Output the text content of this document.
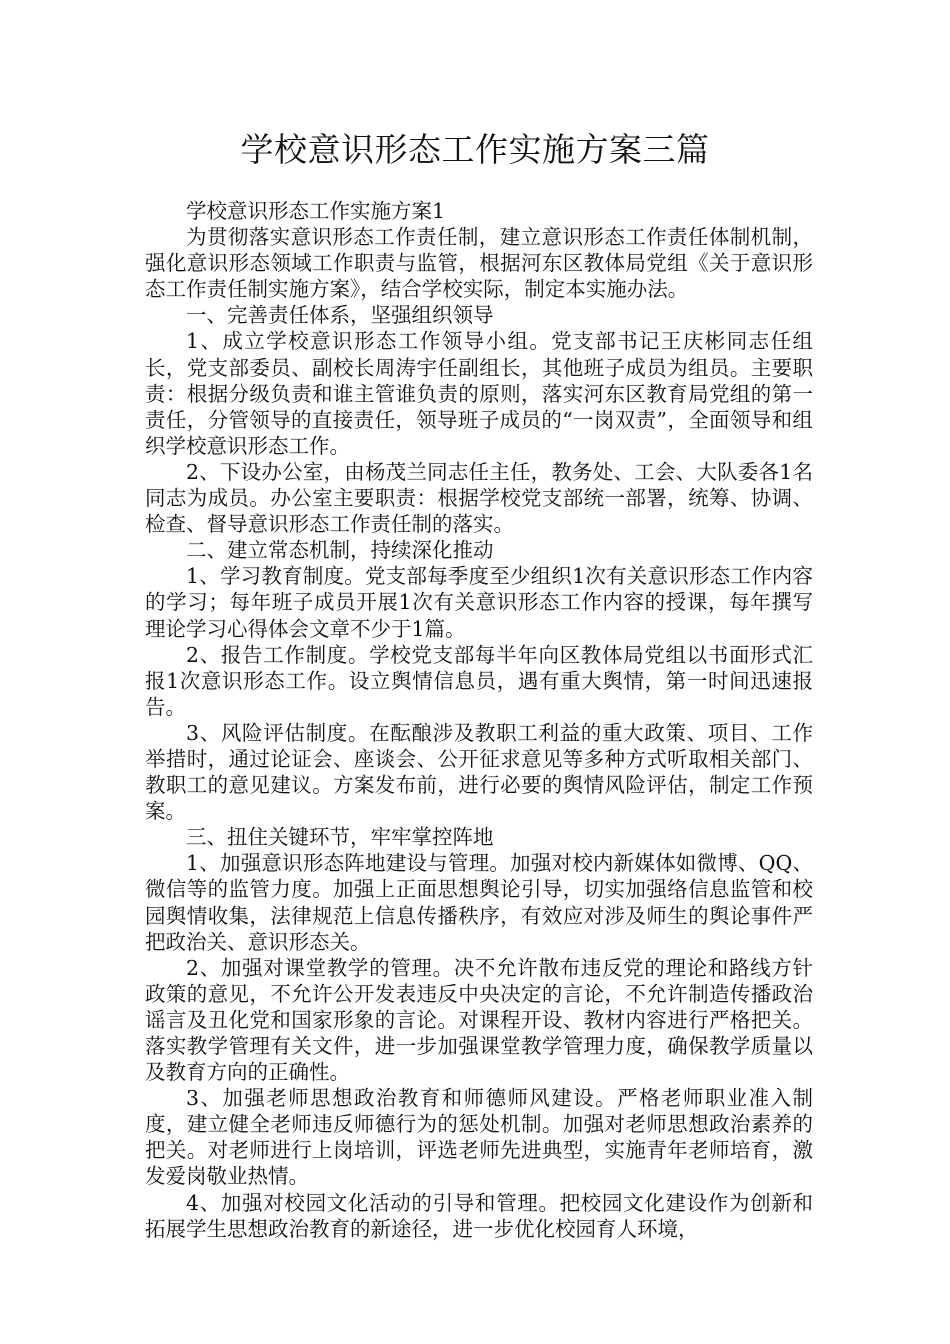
学校意识形态工作实施方案三篇

学校意识形态工作实施方案1

为贯彻落实意识形态工作责任制，建立意识形态工作责任体制机制，强化意识形态领域工作职责与监管，根据河东区教体局党组《关于意识形态工作责任制实施方案》，结合学校实际，制定本实施办法。

一、完善责任体系，坚强组织领导

1、成立学校意识形态工作领导小组。党支部书记王庆彬同志任组长，党支部委员、副校长周涛宇任副组长，其他班子成员为组员。主要职责：根据分级负责和谁主管谁负责的原则，落实河东区教育局党组的第一责任，分管领导的直接责任，领导班子成员的“一岗双责”，全面领导和组织学校意识形态工作。

2、下设办公室，由杨茂兰同志任主任，教务处、工会、大队委各1名同志为成员。办公室主要职责：根据学校党支部统一部署，统筹、协调、检查、督导意识形态工作责任制的落实。

二、建立常态机制，持续深化推动

1、学习教育制度。党支部每季度至少组织1次有关意识形态工作内容的学习；每年班子成员开展1次有关意识形态工作内容的授课，每年撰写理论学习心得体会文章不少于1篇。

2、报告工作制度。学校党支部每半年向区教体局党组以书面形式汇报1次意识形态工作。设立舆情信息员，遇有重大舆情，第一时间迅速报告。

3、风险评估制度。在酝酿涉及教职工利益的重大政策、项目、工作举措时，通过论证会、座谈会、公开征求意见等多种方式听取相关部门、教职工的意见建议。方案发布前，进行必要的舆情风险评估，制定工作预案。

三、扭住关键环节，牢牢掌控阵地

1、加强意识形态阵地建设与管理。加强对校内新媒体如微博、QQ、微信等的监管力度。加强上正面思想舆论引导，切实加强络信息监管和校园舆情收集，法律规范上信息传播秩序，有效应对涉及师生的舆论事件严把政治关、意识形态关。

2、加强对课堂教学的管理。决不允许散布违反党的理论和路线方针政策的意见，不允许公开发表违反中央决定的言论，不允许制造传播政治谣言及丑化党和国家形象的言论。对课程开设、教材内容进行严格把关。落实教学管理有关文件，进一步加强课堂教学管理力度，确保教学质量以及教育方向的正确性。

3、加强老师思想政治教育和师德师风建设。严格老师职业准入制度，建立健全老师违反师德行为的惩处机制。加强对老师思想政治素养的把关。对老师进行上岗培训，评选老师先进典型，实施青年老师培育，激发爱岗敬业热情。

4、加强对校园文化活动的引导和管理。把校园文化建设作为创新和拓展学生思想政治教育的新途径，进一步优化校园育人环境，
